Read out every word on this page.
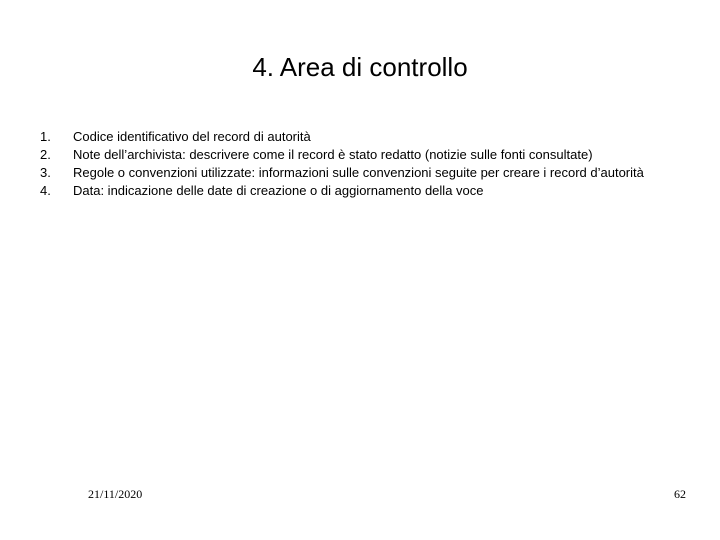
4. Area di controllo
1.	Codice identificativo del record di autorità
2.	Note dell’archivista: descrivere come il record è stato redatto (notizie sulle fonti consultate)
3.	Regole o convenzioni utilizzate: informazioni sulle convenzioni seguite per creare i record d’autorità
4.	Data: indicazione delle date di creazione o di aggiornamento della voce
21/11/2020	62
